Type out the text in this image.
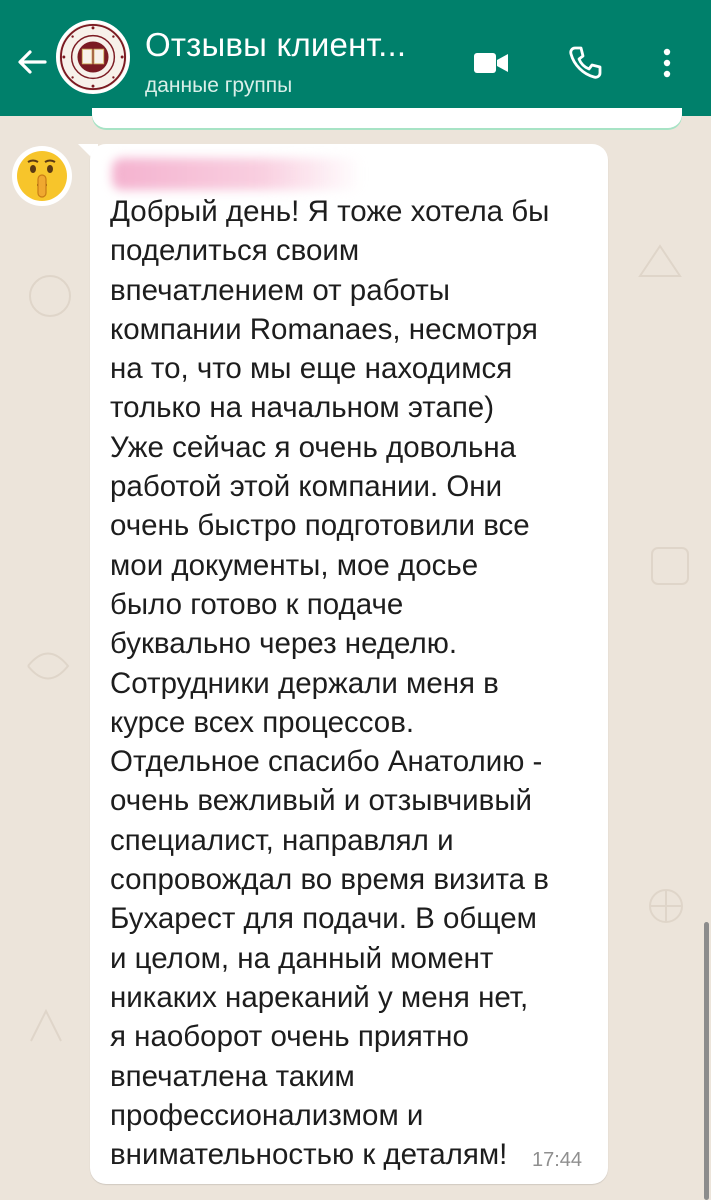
Отзывы клиент...
данные группы
Добрый день! Я тоже хотела бы
поделиться своим
впечатлением от работы
компании Romanaes, несмотря
на то, что мы еще находимся
только на начальном этапе)
Уже сейчас я очень довольна
работой этой компании. Они
очень быстро подготовили все
мои документы, мое досье
было готово к подаче
буквально через неделю.
Сотрудники держали меня в
курсе всех процессов.
Отдельное спасибо Анатолию -
очень вежливый и отзывчивый
специалист, направлял и
сопровождал во время визита в
Бухарест для подачи. В общем
и целом, на данный момент
никаких нареканий у меня нет,
я наоборот очень приятно
впечатлена таким
профессионализмом и
внимательностью к деталям!	17:44
